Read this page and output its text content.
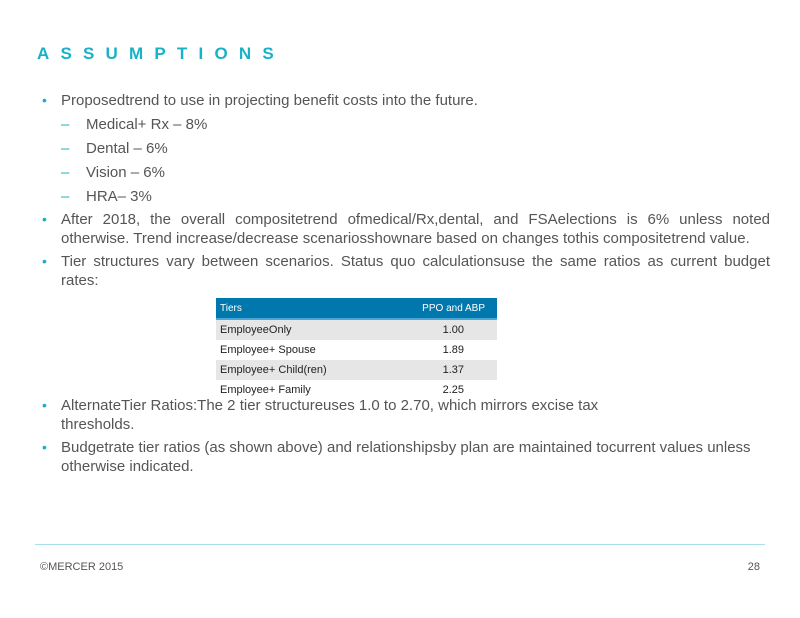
ASSUMPTIONS
• Proposedtrend to use in projecting benefit costs into the future.
– Medical+ Rx – 8%
– Dental – 6%
– Vision – 6%
– HRA– 3%
• After 2018, the overall compositetrend ofmedical/Rx,dental, and FSAelections is 6% unless noted otherwise. Trend increase/decrease scenariosshownare based on changes tothis compositetrend value.
• Tier structures vary between scenarios. Status quo calculationsuse the same ratios as current budget rates:
• AlternateTier Ratios:The 2 tier structureuses 1.0 to 2.70, which mirrors excise tax thresholds.
• Budgetrate tier ratios (as shown above) and relationshipsby plan are maintained tocurrent values unless otherwise indicated.
Tiers	PPO and ABP
EmployeeOnly	1.00
Employee+ Spouse	1.89
Employee+ Child(ren)	1.37
Employee+ Family	2.25
©MERCER 2015	28
